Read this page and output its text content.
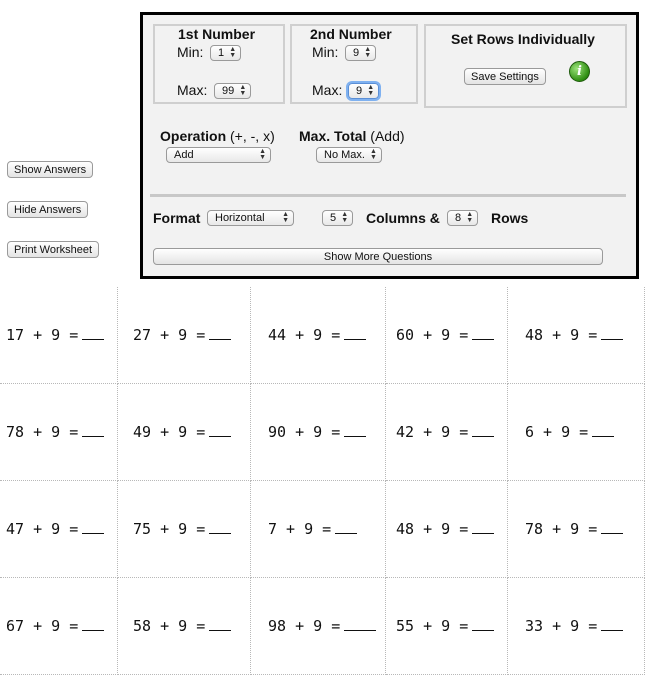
Show Answers
Hide Answers
Print Worksheet
1st Number
Min:	1 ▲
▼
Max:	99 ▲
▼
2nd Number
Min:	9 ▲
▼
Max:	9 ▲
▼
Set Rows Individually
Save Settings	i
Operation (+, -, x)
Add	▲
▼
Max. Total (Add)
No Max. ▲
▼
Format	Horizontal	▲
▼	5 ▲
▼ Columns &	8 ▲
▼ Rows
Show More Questions
17 + 9 =	27 + 9 =	44 + 9 =	60 + 9 =	48 + 9 =
78 + 9 =	49 + 9 =	90 + 9 =	42 + 9 =	6 + 9 =
47 + 9 =	75 + 9 =	7 + 9 =	48 + 9 =	78 + 9 =
67 + 9 =	58 + 9 =	98 + 9 =	55 + 9 =	33 + 9 =
